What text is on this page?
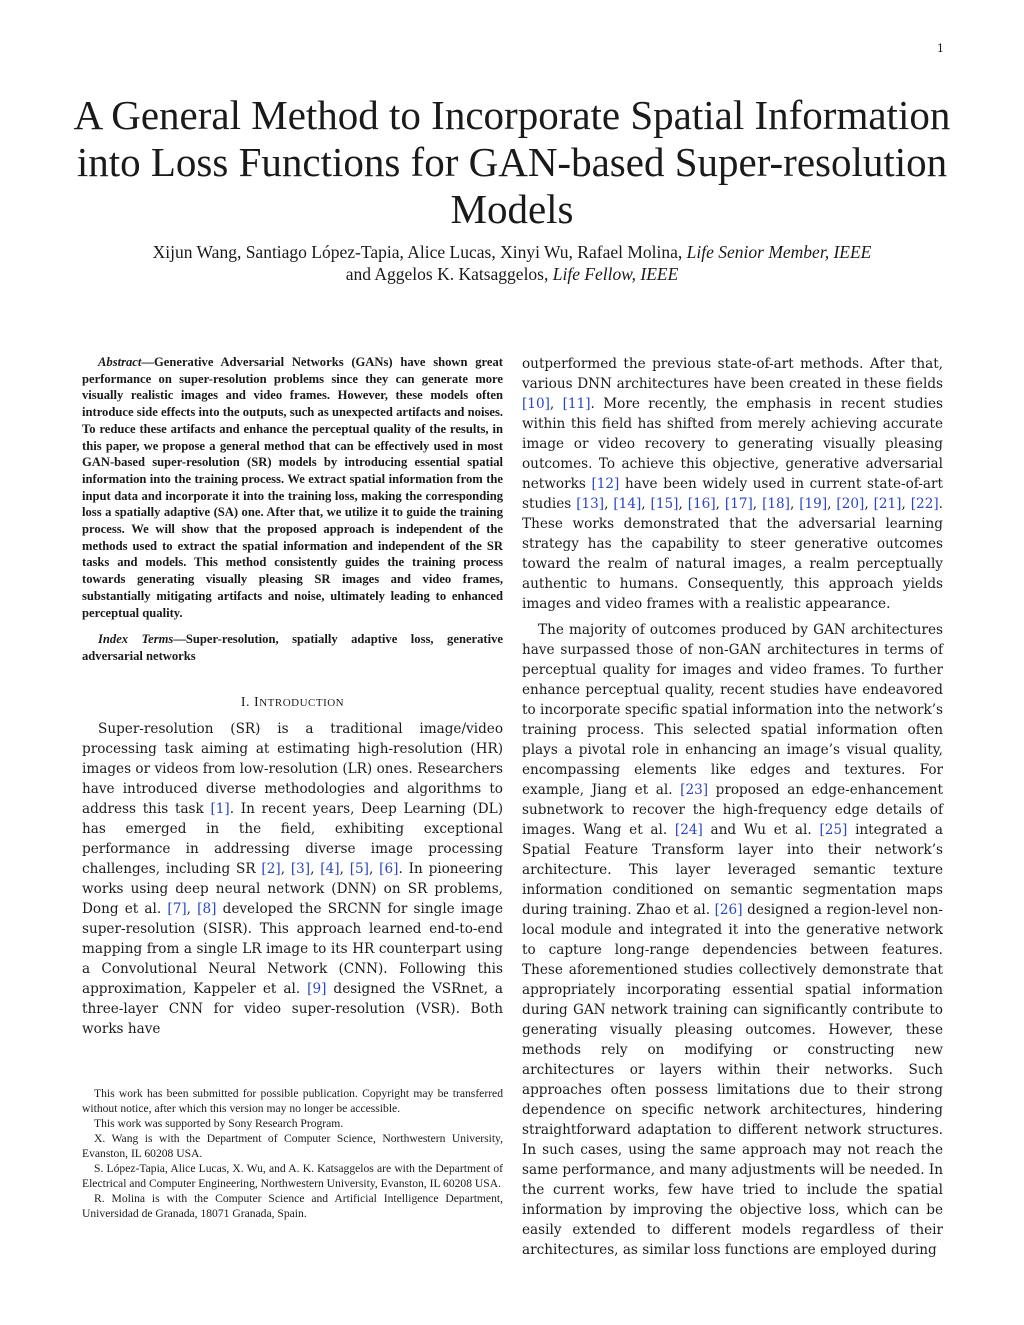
1
A General Method to Incorporate Spatial Information into Loss Functions for GAN-based Super-resolution Models
Xijun Wang, Santiago López-Tapia, Alice Lucas, Xinyi Wu, Rafael Molina, Life Senior Member, IEEE
and Aggelos K. Katsaggelos, Life Fellow, IEEE

Abstract—Generative Adversarial Networks (GANs) have shown great performance on super-resolution problems since they can generate more visually realistic images and video frames. However, these models often introduce side effects into the outputs, such as unexpected artifacts and noises. To reduce these artifacts and enhance the perceptual quality of the results, in this paper, we propose a general method that can be effectively used in most GAN-based super-resolution (SR) models by introducing essential spatial information into the training process. We extract spatial information from the input data and incorporate it into the training loss, making the corresponding loss a spatially adaptive (SA) one. After that, we utilize it to guide the training process. We will show that the proposed approach is independent of the methods used to extract the spatial information and independent of the SR tasks and models. This method consistently guides the training process towards generating visually pleasing SR images and video frames, substantially mitigating artifacts and noise, ultimately leading to enhanced perceptual quality.

Index Terms—Super-resolution, spatially adaptive loss, generative adversarial networks

I. INTRODUCTION

Super-resolution (SR) is a traditional image/video processing task aiming at estimating high-resolution (HR) images or videos from low-resolution (LR) ones. Researchers have introduced diverse methodologies and algorithms to address this task [1]. In recent years, Deep Learning (DL) has emerged in the field, exhibiting exceptional performance in addressing diverse image processing challenges, including SR [2], [3], [4], [5], [6]. In pioneering works using deep neural network (DNN) on SR problems, Dong et al. [7], [8] developed the SRCNN for single image super-resolution (SISR). This approach learned end-to-end mapping from a single LR image to its HR counterpart using a Convolutional Neural Network (CNN). Following this approximation, Kappeler et al. [9] designed the VSRnet, a three-layer CNN for video super-resolution (VSR). Both works have

This work has been submitted for possible publication. Copyright may be transferred without notice, after which this version may no longer be accessible.

This work was supported by Sony Research Program.

X. Wang is with the Department of Computer Science, Northwestern University, Evanston, IL 60208 USA.

S. López-Tapia, Alice Lucas, X. Wu, and A. K. Katsaggelos are with the Department of Electrical and Computer Engineering, Northwestern University, Evanston, IL 60208 USA.

R. Molina is with the Computer Science and Artificial Intelligence Department, Universidad de Granada, 18071 Granada, Spain.

outperformed the previous state-of-art methods. After that, various DNN architectures have been created in these fields [10], [11]. More recently, the emphasis in recent studies within this field has shifted from merely achieving accurate image or video recovery to generating visually pleasing outcomes. To achieve this objective, generative adversarial networks [12] have been widely used in current state-of-art studies [13], [14], [15], [16], [17], [18], [19], [20], [21], [22]. These works demonstrated that the adversarial learning strategy has the capability to steer generative outcomes toward the realm of natural images, a realm perceptually authentic to humans. Consequently, this approach yields images and video frames with a realistic appearance.

The majority of outcomes produced by GAN architectures have surpassed those of non-GAN architectures in terms of perceptual quality for images and video frames. To further enhance perceptual quality, recent studies have endeavored to incorporate specific spatial information into the network’s training process. This selected spatial information often plays a pivotal role in enhancing an image’s visual quality, encompassing elements like edges and textures. For example, Jiang et al. [23] proposed an edge-enhancement subnetwork to recover the high-frequency edge details of images. Wang et al. [24] and Wu et al. [25] integrated a Spatial Feature Transform layer into their network’s architecture. This layer leveraged semantic texture information conditioned on semantic segmentation maps during training. Zhao et al. [26] designed a region-level non-local module and integrated it into the generative network to capture long-range dependencies between features. These aforementioned studies collectively demonstrate that appropriately incorporating essential spatial information during GAN network training can significantly contribute to generating visually pleasing outcomes. However, these methods rely on modifying or constructing new architectures or layers within their networks. Such approaches often possess limitations due to their strong dependence on specific network architectures, hindering straightforward adaptation to different network structures. In such cases, using the same approach may not reach the same performance, and many adjustments will be needed. In the current works, few have tried to include the spatial information by improving the objective loss, which can be easily extended to different models regardless of their architectures, as similar loss functions are employed during
